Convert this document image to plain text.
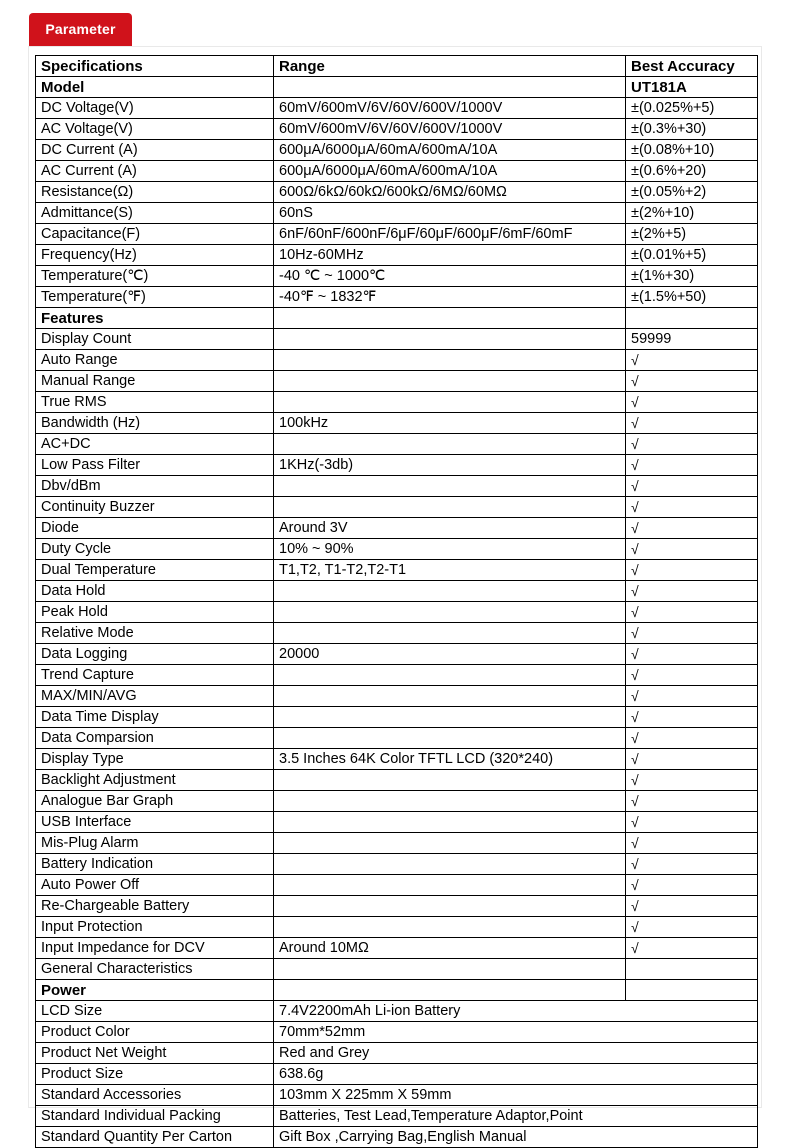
Parameter
Specifications	Range	Best Accuracy
Model		UT181A
DC Voltage(V)	60mV/600mV/6V/60V/600V/1000V	±(0.025%+5)
AC Voltage(V)	60mV/600mV/6V/60V/600V/1000V	±(0.3%+30)
DC Current (A)	600μA/6000μA/60mA/600mA/10A	±(0.08%+10)
AC Current (A)	600μA/6000μA/60mA/600mA/10A	±(0.6%+20)
Resistance(Ω)	600Ω/6kΩ/60kΩ/600kΩ/6MΩ/60MΩ	±(0.05%+2)
Admittance(S)	60nS	±(2%+10)
Capacitance(F)	6nF/60nF/600nF/6μF/60μF/600μF/6mF/60mF	±(2%+5)
Frequency(Hz)	10Hz-60MHz	±(0.01%+5)
Temperature(℃)	-40 ℃ ~ 1000℃	±(1%+30)
Temperature(℉)	-40℉ ~ 1832℉	±(1.5%+50)
Features		
Display Count		59999
Auto Range		√
Manual Range		√
True RMS		√
Bandwidth (Hz)	100kHz	√
AC+DC		√
Low Pass Filter	1KHz(-3db)	√
Dbv/dBm		√
Continuity Buzzer		√
Diode	Around 3V	√
Duty Cycle	10% ~ 90%	√
Dual Temperature	T1,T2, T1-T2,T2-T1	√
Data Hold		√
Peak Hold		√
Relative Mode		√
Data Logging	20000	√
Trend Capture		√
MAX/MIN/AVG		√
Data Time Display		√
Data Comparsion		√
Display Type	3.5 Inches 64K Color TFTL LCD (320*240)	√
Backlight Adjustment		√
Analogue Bar Graph		√
USB Interface		√
Mis-Plug Alarm		√
Battery Indication		√
Auto Power Off		√
Re-Chargeable Battery		√
Input Protection		√
Input Impedance for DCV	Around 10MΩ	√
General Characteristics		
Power		
LCD Size	7.4V2200mAh Li-ion Battery	
Product Color	70mm*52mm	
Product Net Weight	Red and Grey	
Product Size	638.6g	
Standard Accessories	103mm X 225mm X 59mm	
Standard Individual Packing	Batteries, Test Lead,Temperature Adaptor,Point	
Standard Quantity Per Carton	Gift Box ,Carrying Bag,English Manual	
